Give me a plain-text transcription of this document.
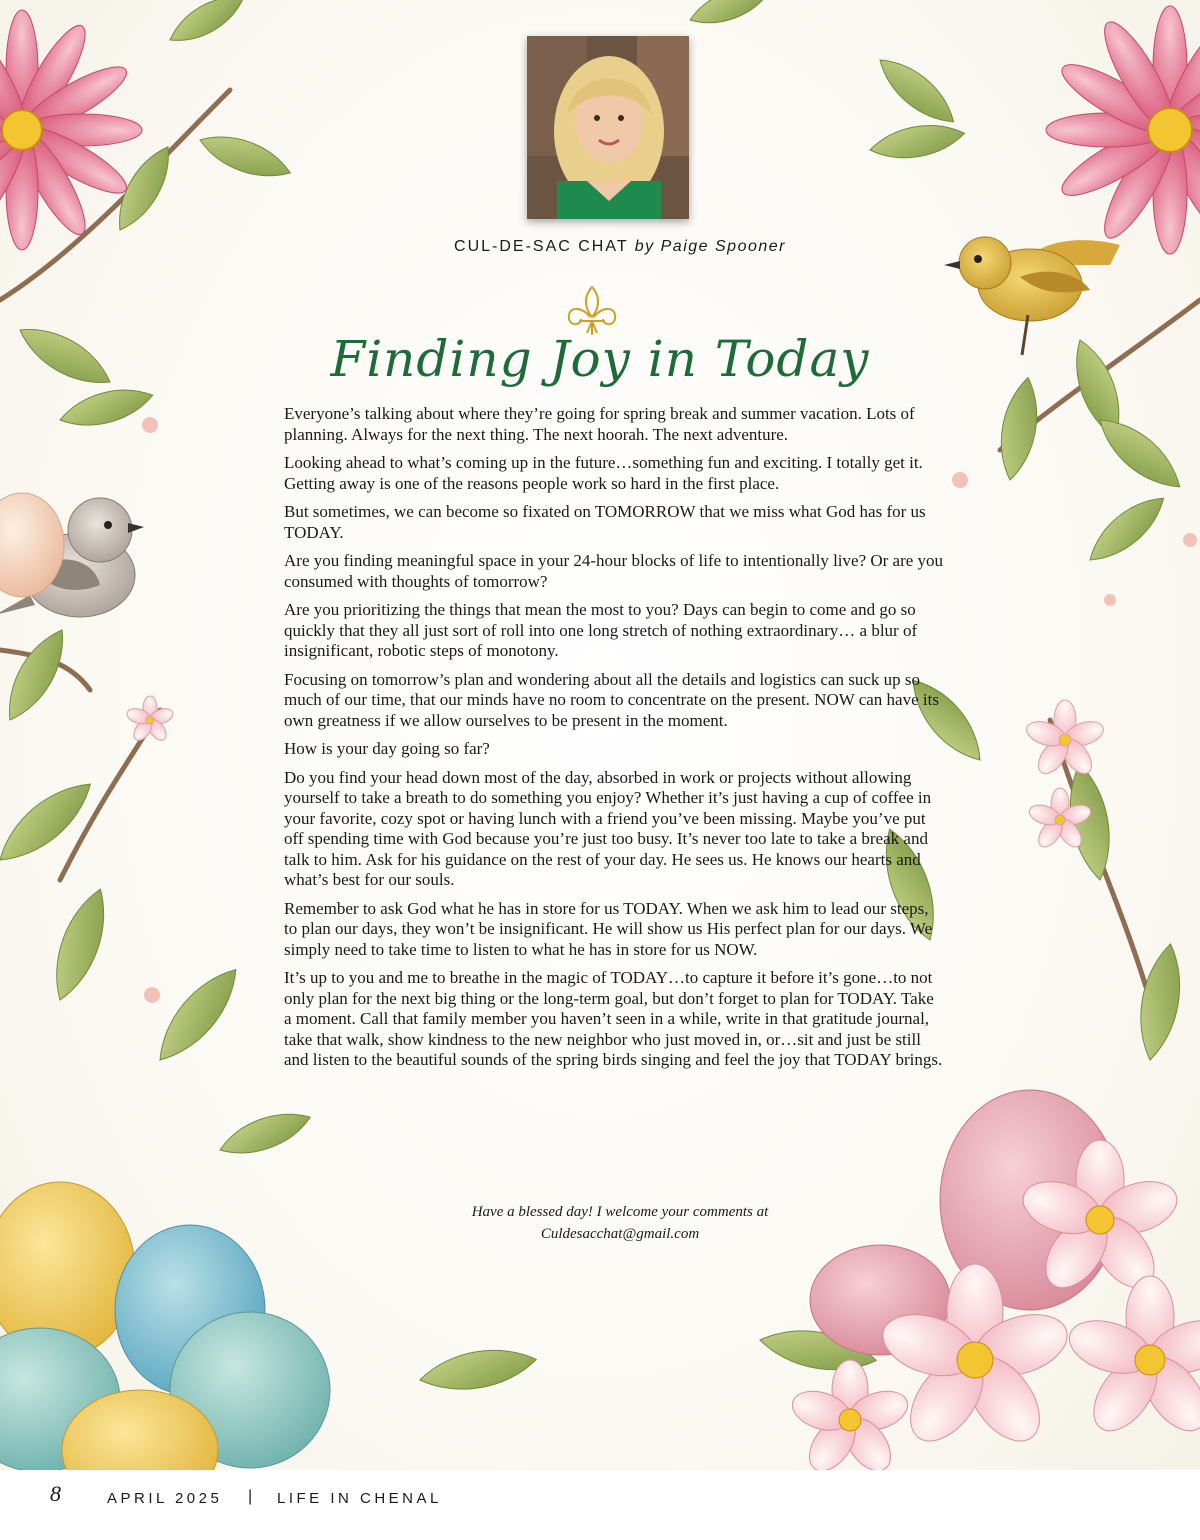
CUL-DE-SAC CHAT by Paige Spooner
Finding Joy in Today

Everyone’s talking about where they’re going for spring break and summer vacation. Lots of planning. Always for the next thing. The next hoorah. The next adventure.

Looking ahead to what’s coming up in the future…something fun and exciting. I totally get it. Getting away is one of the reasons people work so hard in the first place.

But sometimes, we can become so fixated on TOMORROW that we miss what God has for us TODAY.

Are you finding meaningful space in your 24-hour blocks of life to intentionally live? Or are you consumed with thoughts of tomorrow?

Are you prioritizing the things that mean the most to you? Days can begin to come and go so quickly that they all just sort of roll into one long stretch of nothing extraordinary… a blur of insignificant, robotic steps of monotony.

Focusing on tomorrow’s plan and wondering about all the details and logistics can suck up so much of our time, that our minds have no room to concentrate on the present. NOW can have its own greatness if we allow ourselves to be present in the moment.

How is your day going so far?

Do you find your head down most of the day, absorbed in work or projects without allowing yourself to take a breath to do something you enjoy? Whether it’s just having a cup of coffee in your favorite, cozy spot or having lunch with a friend you’ve been missing. Maybe you’ve put off spending time with God because you’re just too busy. It’s never too late to take a break and talk to him. Ask for his guidance on the rest of your day. He sees us. He knows our hearts and what’s best for our souls.

Remember to ask God what he has in store for us TODAY. When we ask him to lead our steps, to plan our days, they won’t be insignificant. He will show us His perfect plan for our days. We simply need to take time to listen to what he has in store for us NOW.

It’s up to you and me to breathe in the magic of TODAY…to capture it before it’s gone…to not only plan for the next big thing or the long-term goal, but don’t forget to plan for TODAY. Take a moment. Call that family member you haven’t seen in a while, write in that gratitude journal, take that walk, show kindness to the new neighbor who just moved in, or…sit and just be still and listen to the beautiful sounds of the spring birds singing and feel the joy that TODAY brings.

Have a blessed day! I welcome your comments at
Culdesacchat@gmail.com
8	APRIL 2025 | LIFE IN CHENAL
